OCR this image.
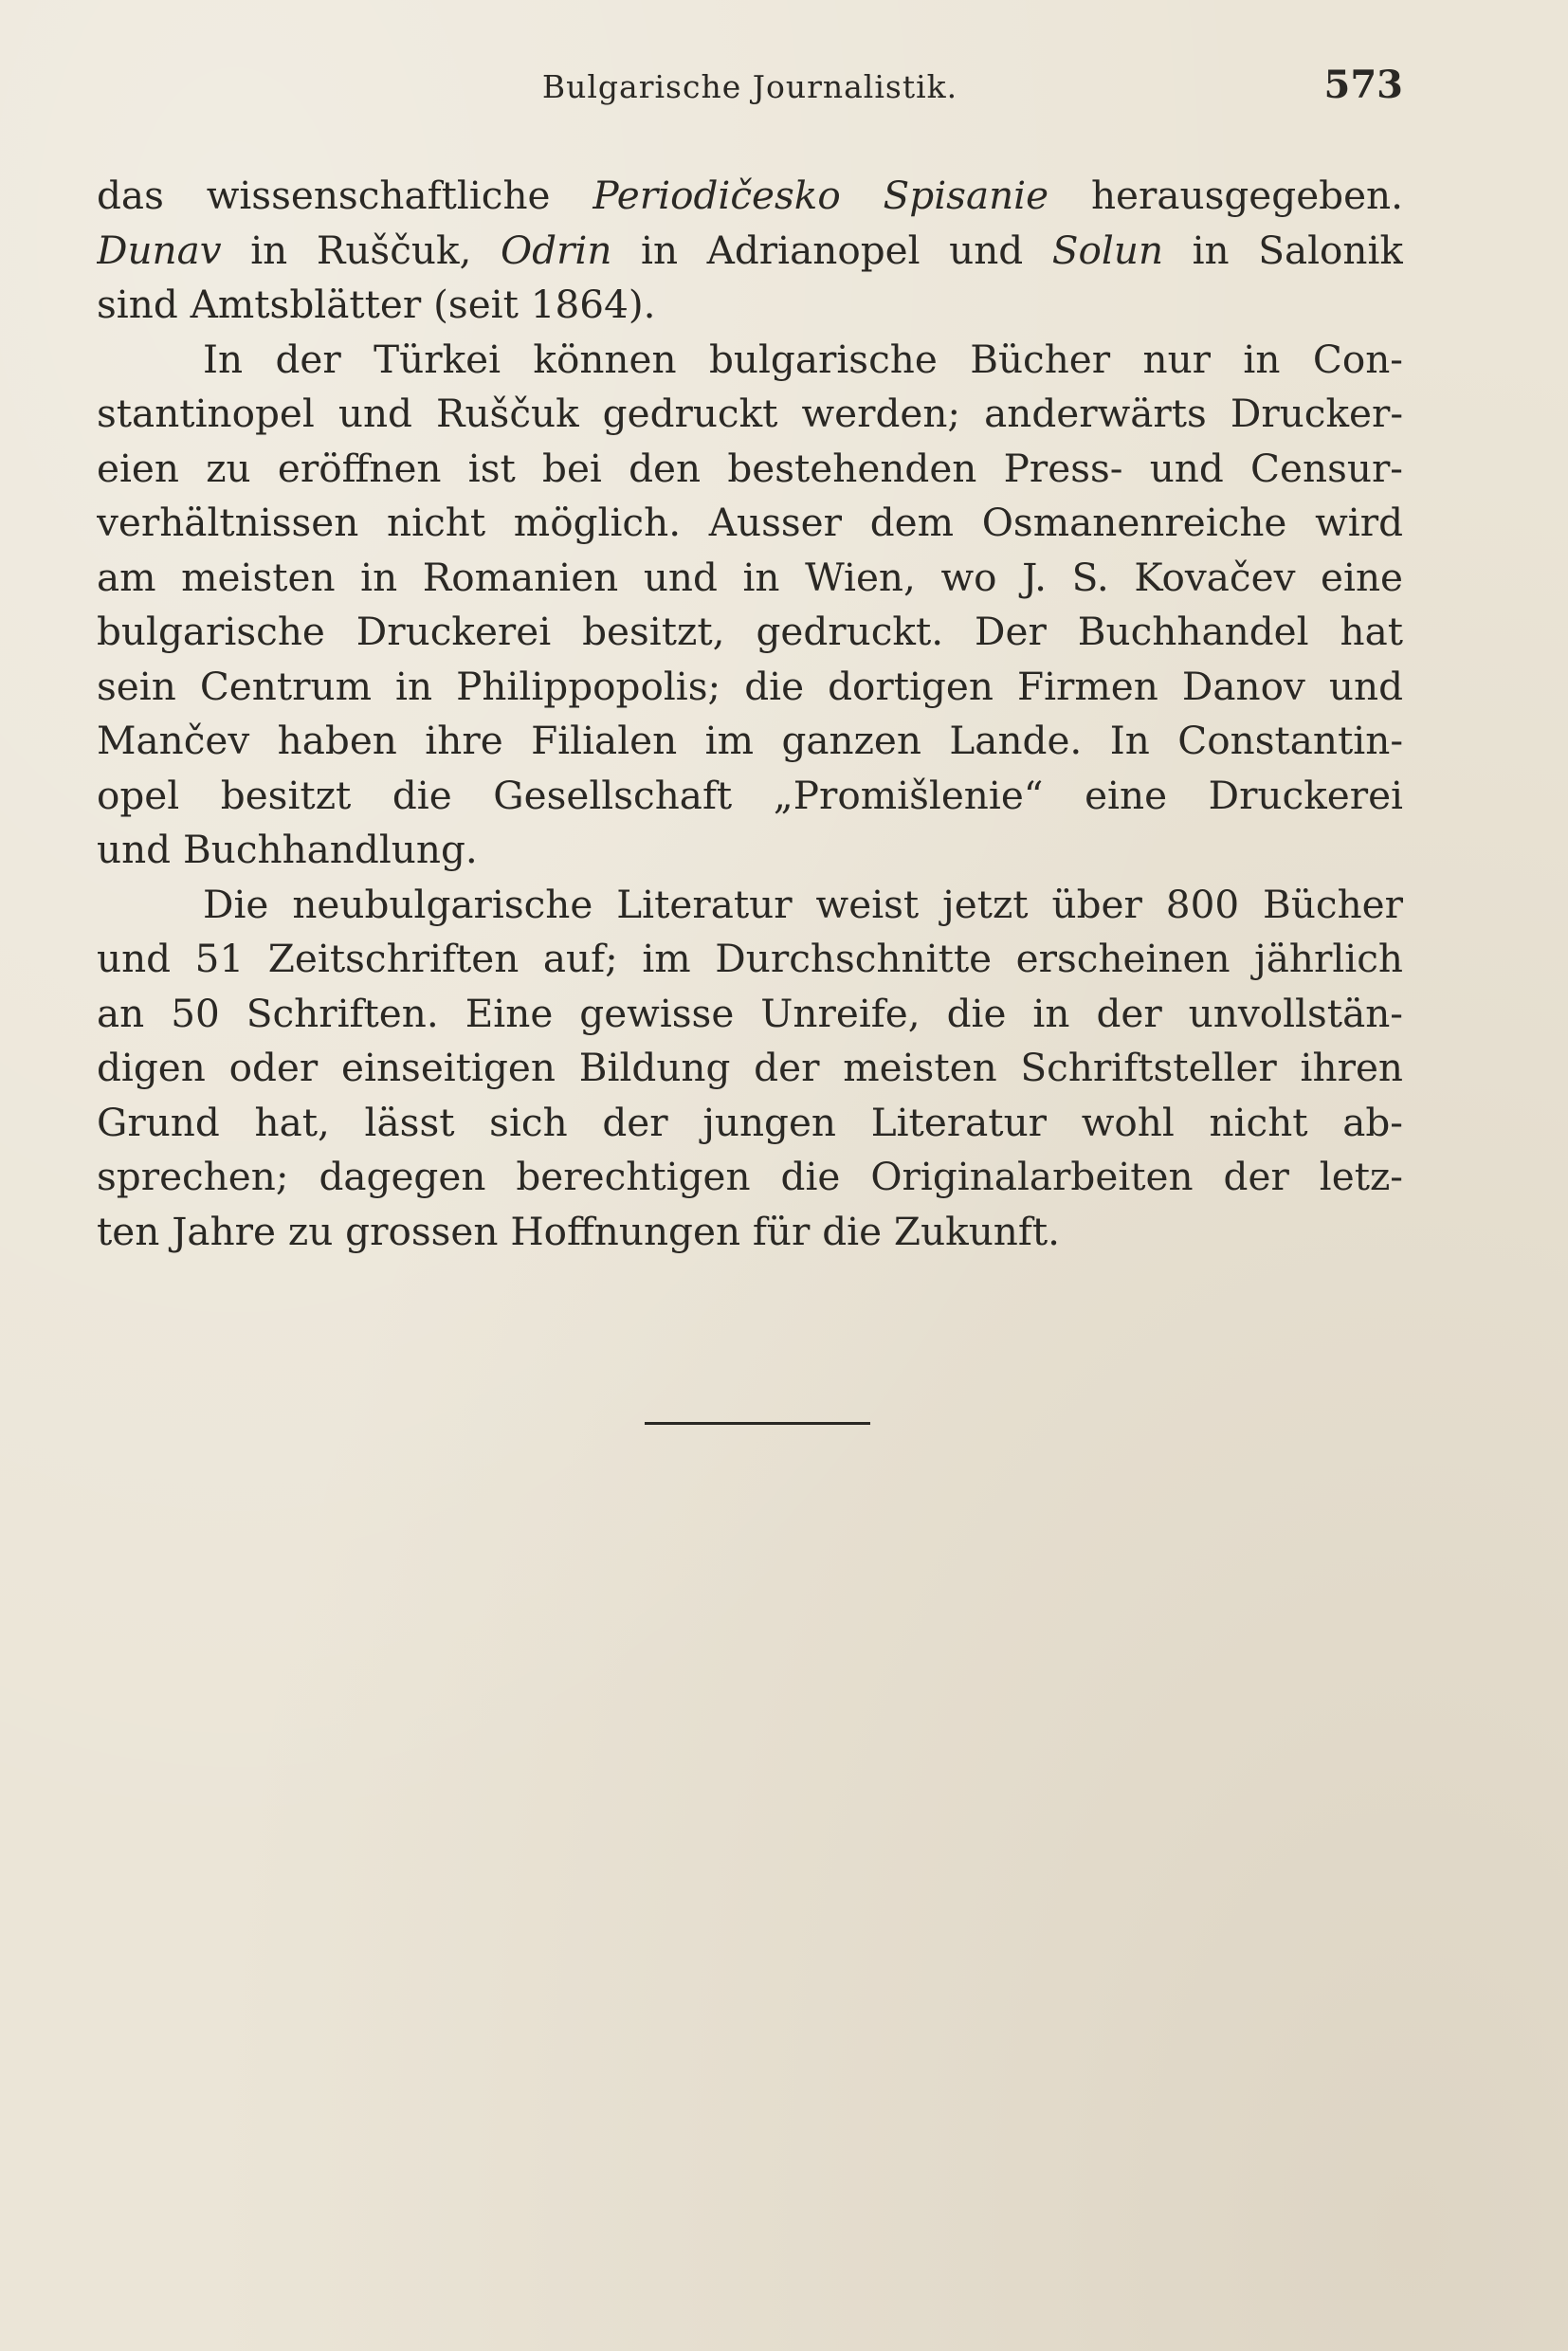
Bulgarische Journalistik.	573
das wissenschaftliche Periodičesko Spisanie herausgegeben.
Dunav in Ruščuk, Odrin in Adrianopel und Solun in Salonik
sind Amtsblätter (seit 1864).
In der Türkei können bulgarische Bücher nur in Con-
stantinopel und Ruščuk gedruckt werden; anderwärts Drucker-
eien zu eröffnen ist bei den bestehenden Press- und Censur-
verhältnissen nicht möglich. Ausser dem Osmanenreiche wird
am meisten in Romanien und in Wien, wo J. S. Kovačev eine
bulgarische Druckerei besitzt, gedruckt. Der Buchhandel hat
sein Centrum in Philippopolis; die dortigen Firmen Danov und
Mančev haben ihre Filialen im ganzen Lande. In Constantin-
opel besitzt die Gesellschaft „Promišlenie“ eine Druckerei
und Buchhandlung.
Die neubulgarische Literatur weist jetzt über 800 Bücher
und 51 Zeitschriften auf; im Durchschnitte erscheinen jährlich
an 50 Schriften. Eine gewisse Unreife, die in der unvollstän-
digen oder einseitigen Bildung der meisten Schriftsteller ihren
Grund hat, lässt sich der jungen Literatur wohl nicht ab-
sprechen; dagegen berechtigen die Originalarbeiten der letz-
ten Jahre zu grossen Hoffnungen für die Zukunft.
